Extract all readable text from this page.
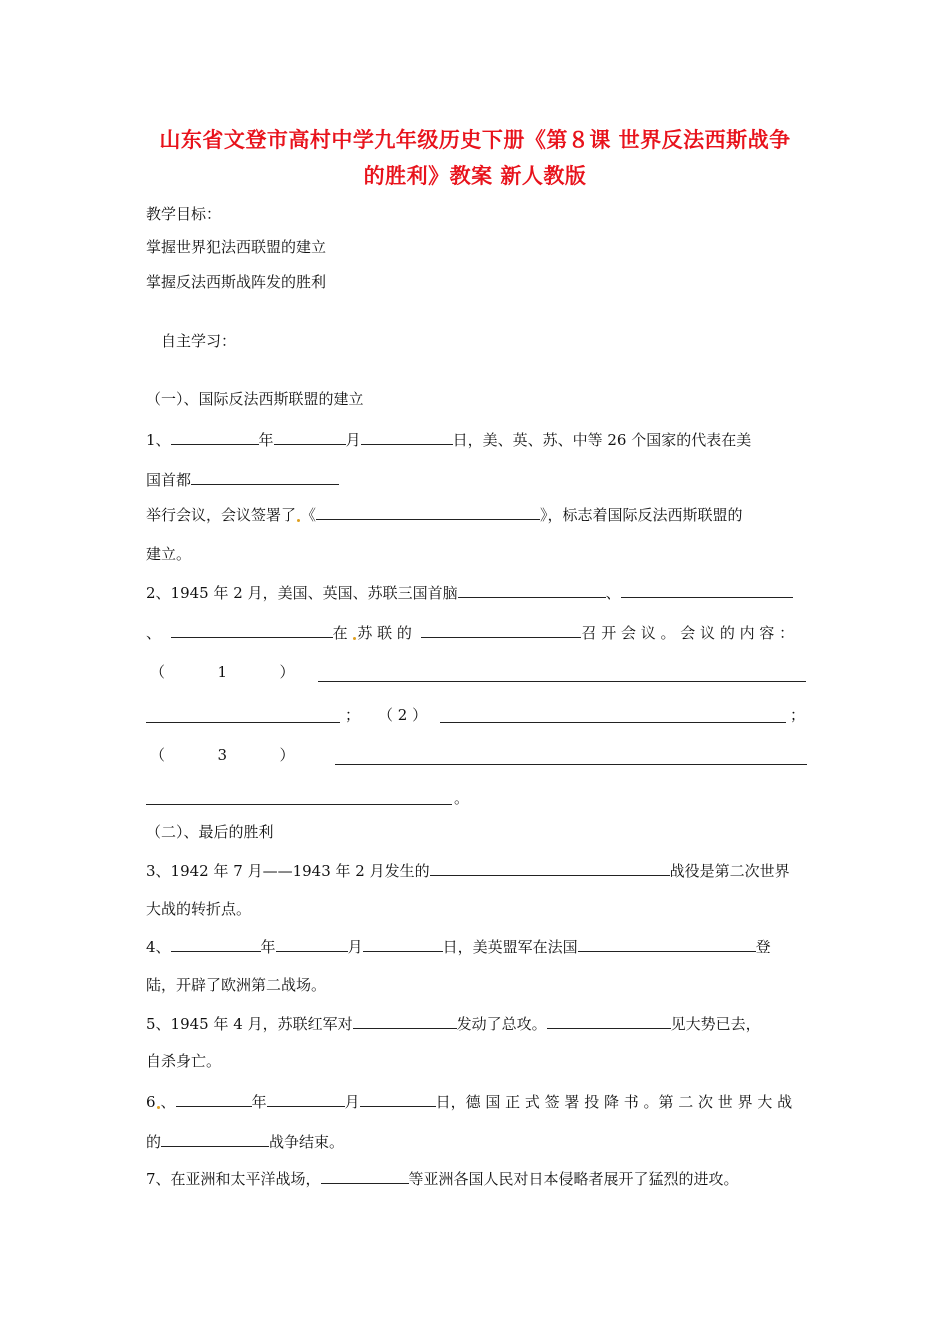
山东省文登市高村中学九年级历史下册《第８课 世界反法西斯战争
的胜利》教案 新人教版
教学目标：
掌握世界犯法西联盟的建立
掌握反法西斯战阵发的胜利
自主学习：
（一）、国际反法西斯联盟的建立
1、	年	月	日，美、英、苏、中等 26 个国家的代表在美
国首都
举行会议，会议签署了 《	》，标志着国际反法西斯联盟的
建立。
2、1945 年 2 月，美国、英国、苏联三国首脑	、
、	在 苏 联 的	召 开 会 议 。 会 议 的 内 容 ：
（           1           ）
； （ 2 ）	；
（           3           ）
。
（二）、最后的胜利
3、1942 年 7 月——1943 年 2 月发生的	战役是第二次世界
大战的转折点。
4、	年	月	日，美英盟军在法国	登
陆，开辟了欧洲第二战场。
5、1945 年 4 月，苏联红军对	发动了总攻。	见大势已去，
自杀身亡。
6 、	年	月	日，德 国 正 式 签 署 投 降 书 。第 二 次 世 界 大 战
的	战争结束。
7、在亚洲和太平洋战场，	等亚洲各国人民对日本侵略者展开了猛烈的进攻。
